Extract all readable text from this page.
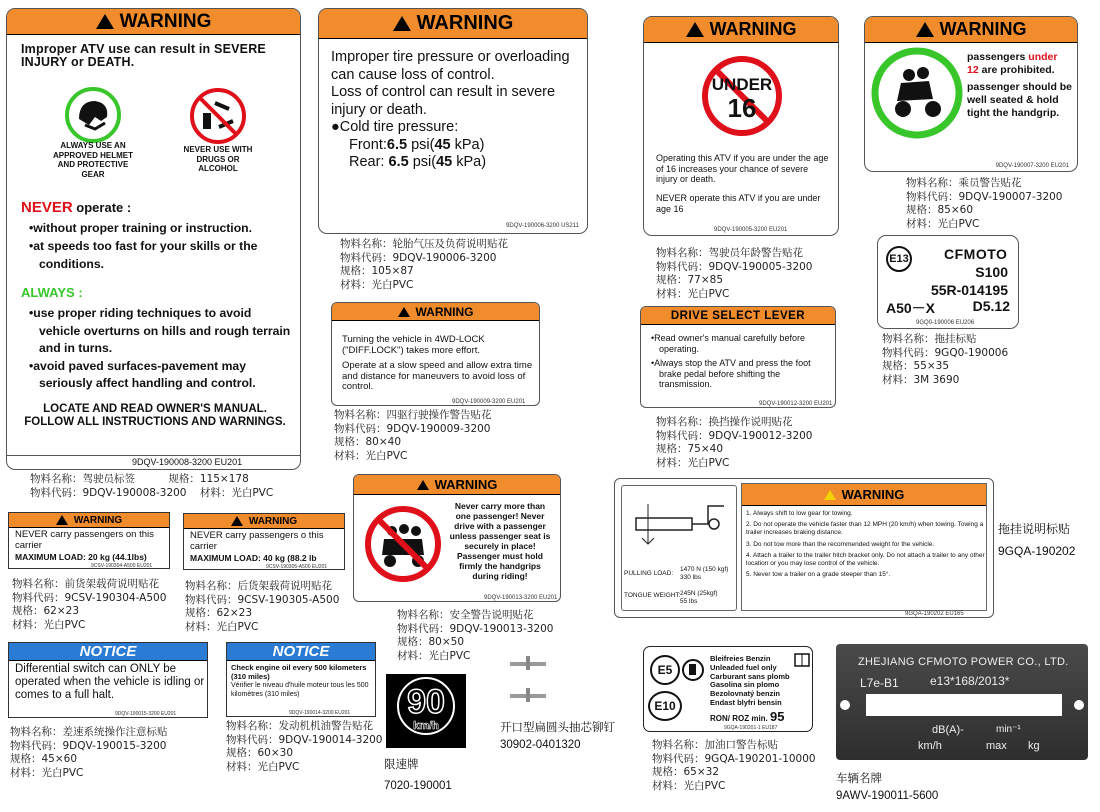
WARNING
Improper ATV use can result in SEVERE INJURY or DEATH.
ALWAYS USE AN APPROVED HELMET AND PROTECTIVE GEAR
NEVER USE WITH DRUGS OR ALCOHOL
NEVER operate :

•without proper training or instruction.

•at speeds too fast for your skills or the conditions.

ALWAYS :

•use proper riding techniques to avoid vehicle overturns on hills and rough terrain and in turns.

•avoid paved surfaces-pavement may seriously affect handling and control.

LOCATE AND READ OWNER'S MANUAL. FOLLOW ALL INSTRUCTIONS AND WARNINGS.
9DQV-190008-3200 EU201
物料名称：驾驶员标签          规格：115×178
物料代码：9DQV-190008-3200    材料：光白PVC
WARNING

Improper tire pressure or overloading can cause loss of control.

Loss of control can result in severe injury or death.

●Cold tire pressure:

Front:6.5 psi(45 kPa)

Rear: 6.5 psi(45 kPa)

9DQV-190006-3200 US211
物料名称：轮胎气压及负荷说明贴花
物料代码：9DQV-190006-3200
规格：105×87
材料：光白PVC
WARNING
UNDER
16
Operating this ATV if you are under the age of 16 increases your chance of severe injury or death.
NEVER operate this ATV if you are under age 16
9DQV-190005-3200 EU201
物料名称：驾驶员年龄警告贴花
物料代码：9DQV-190005-3200
规格：77×85
材料：光白PVC
WARNING

passengers under

12 are prohibited.

passenger should be well seated & hold tight the handgrip.

9DQV-190007-3200 EU201
物料名称：乘员警告贴花
物料代码：9DQV-190007-3200
规格：85×60
材料：光白PVC
E13	CFMOTO
S100
55R-014195
A50－X	D5.12
9GQ0-190006 EU206
物料名称：拖挂标贴
物料代码：9GQ0-190006
规格：55×35
材料：3M 3690
WARNING
Turning the vehicle in 4WD-LOCK ("DIFF.LOCK") takes more effort.
Operate at a slow speed and allow extra time and distance for maneuvers to avoid loss of control.
9DQV-190009-3200 EU201
物料名称：四驱行驶操作警告贴花
物料代码：9DQV-190009-3200
规格：80×40
材料：光白PVC
DRIVE SELECT LEVER

•Read owner's manual carefully before operating.

•Always stop the ATV and press the foot brake pedal before shifting the transmission.

9DQV-190012-3200 EU201
物料名称：换挡操作说明贴花
物料代码：9DQV-190012-3200
规格：75×40
材料：光白PVC
WARNING
Never carry more than one passenger! Never drive with a passenger unless passenger seat is securely in place! Passenger must hold firmly the handgrips during riding!
9DQV-190013-3200 EU201
物料名称：安全警告说明贴花
物料代码：9DQV-190013-3200
规格：80×50
材料：光白PVC
PULLING LOAD:
1470 N (150 kgf)
330 lbs
TONGUE WEIGHT: 245N (25kgf)
55 lbs
WARNING

1. Always shift to low gear for towing.

2. Do not operate the vehicle faster than 12 MPH (20 km/h) when towing. Towing a trailer increases braking distance.

3. Do not tow more than the recommended weight for the vehicle.

4. Attach a trailer to the trailer hitch bracket only. Do not attach a trailer to any other location or you may lose control of the vehicle.

5. Never tow a trailer on a grade steeper than 15°.

9GQA-190202 EU165
拖挂说明标贴
9GQA-190202
WARNING
NEVER carry passengers on this carrier
MAXIMUM LOAD: 20 kg (44.1lbs)
9CSV-190304-A500 EU201
物料名称：前货架载荷说明贴花
物料代码：9CSV-190304-A500
规格：62×23
材料：光白PVC
WARNING
NEVER carry passengers o this carrier
MAXIMUM LOAD: 40 kg (88.2 lb
9CSV-190305-A500 EU201
物料名称：后货架载荷说明贴花
物料代码：9CSV-190305-A500
规格：62×23
材料：光白PVC
NOTICE
Differential switch can ONLY be operated when the vehicle is idling or comes to a full halt.
9DQV-190015-3200 EU201
物料名称：差速系统操作注意标贴
物料代码：9DQV-190015-3200
规格：45×60
材料：光白PVC
NOTICE
Check engine oil every 500 kilometers (310 miles)
Vérifier le niveau d'huile moteur tous les 500 kilomètres (310 miles)
9DQV-190014-3200 EU201
物料名称：发动机机油警告贴花
物料代码：9DQV-190014-3200
规格：60×30
材料：光白PVC
90
km/h
限速牌
7020-190001
开口型扁圆头抽芯铆钉
30902-0401320
E5
E10

Bleifreies Benzin

Unleaded fuel only

Carburant sans plomb

Gasolina sin plomo

Bezolovnatý benzin

Endast blyfri bensin

RON/ ROZ min. 95
9GQA-190201-1 EU187
物料名称：加油口警告标贴
物料代码：9GQA-190201-10000
规格：65×32
材料：光白PVC
ZHEJIANG CFMOTO POWER CO., LTD.
L7e-B1	e13*168/2013*
dB(A)-	min⁻¹
km/h	max kg
车辆名牌
9AWV-190011-5600
